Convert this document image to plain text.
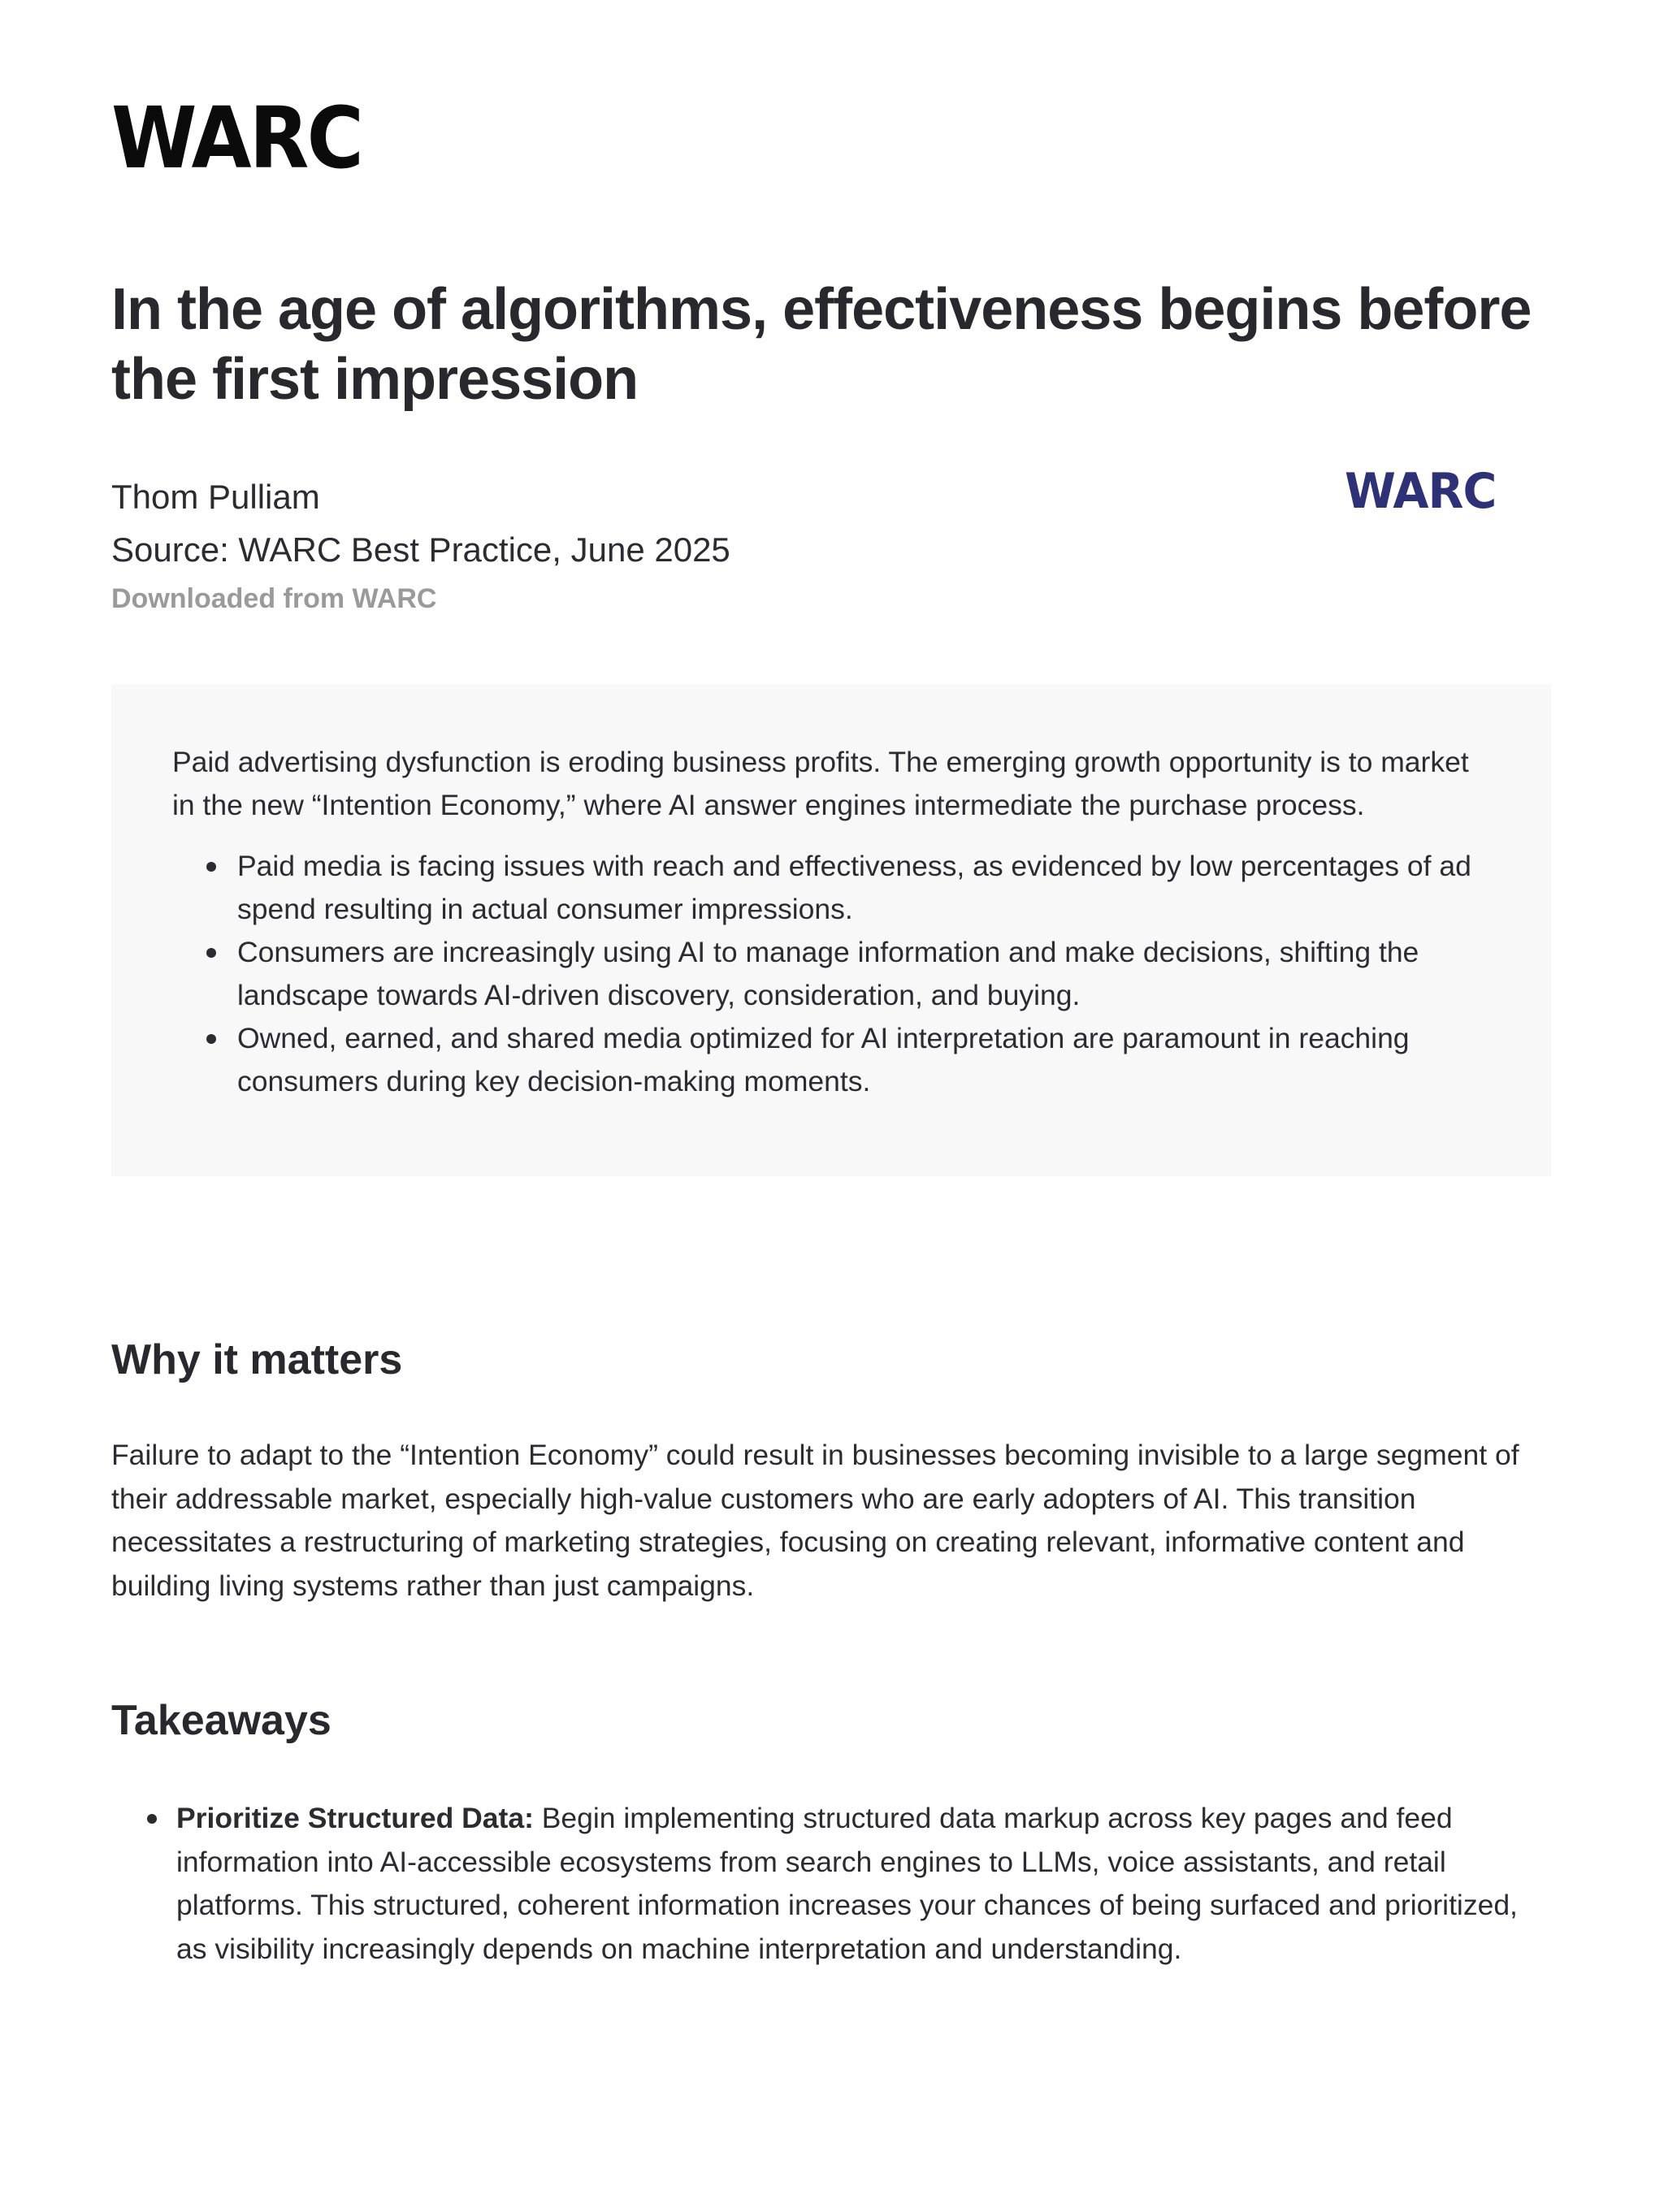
WARC
In the age of algorithms, effectiveness begins before the first impression
Thom Pulliam
Source: WARC Best Practice, June 2025
Downloaded from WARC
WARC

Paid advertising dysfunction is eroding business profits. The emerging growth opportunity is to market in the new “Intention Economy,” where AI answer engines intermediate the purchase process.

Paid media is facing issues with reach and effectiveness, as evidenced by low percentages of ad spend resulting in actual consumer impressions.
Consumers are increasingly using AI to manage information and make decisions, shifting the landscape towards AI-driven discovery, consideration, and buying.
Owned, earned, and shared media optimized for AI interpretation are paramount in reaching consumers during key decision-making moments.
Why it matters

Failure to adapt to the “Intention Economy” could result in businesses becoming invisible to a large segment of their addressable market, especially high-value customers who are early adopters of AI. This transition necessitates a restructuring of marketing strategies, focusing on creating relevant, informative content and building living systems rather than just campaigns.

Takeaways
Prioritize Structured Data: Begin implementing structured data markup across key pages and feed information into AI-accessible ecosystems from search engines to LLMs, voice assistants, and retail platforms. This structured, coherent information increases your chances of being surfaced and prioritized, as visibility increasingly depends on machine interpretation and understanding.
